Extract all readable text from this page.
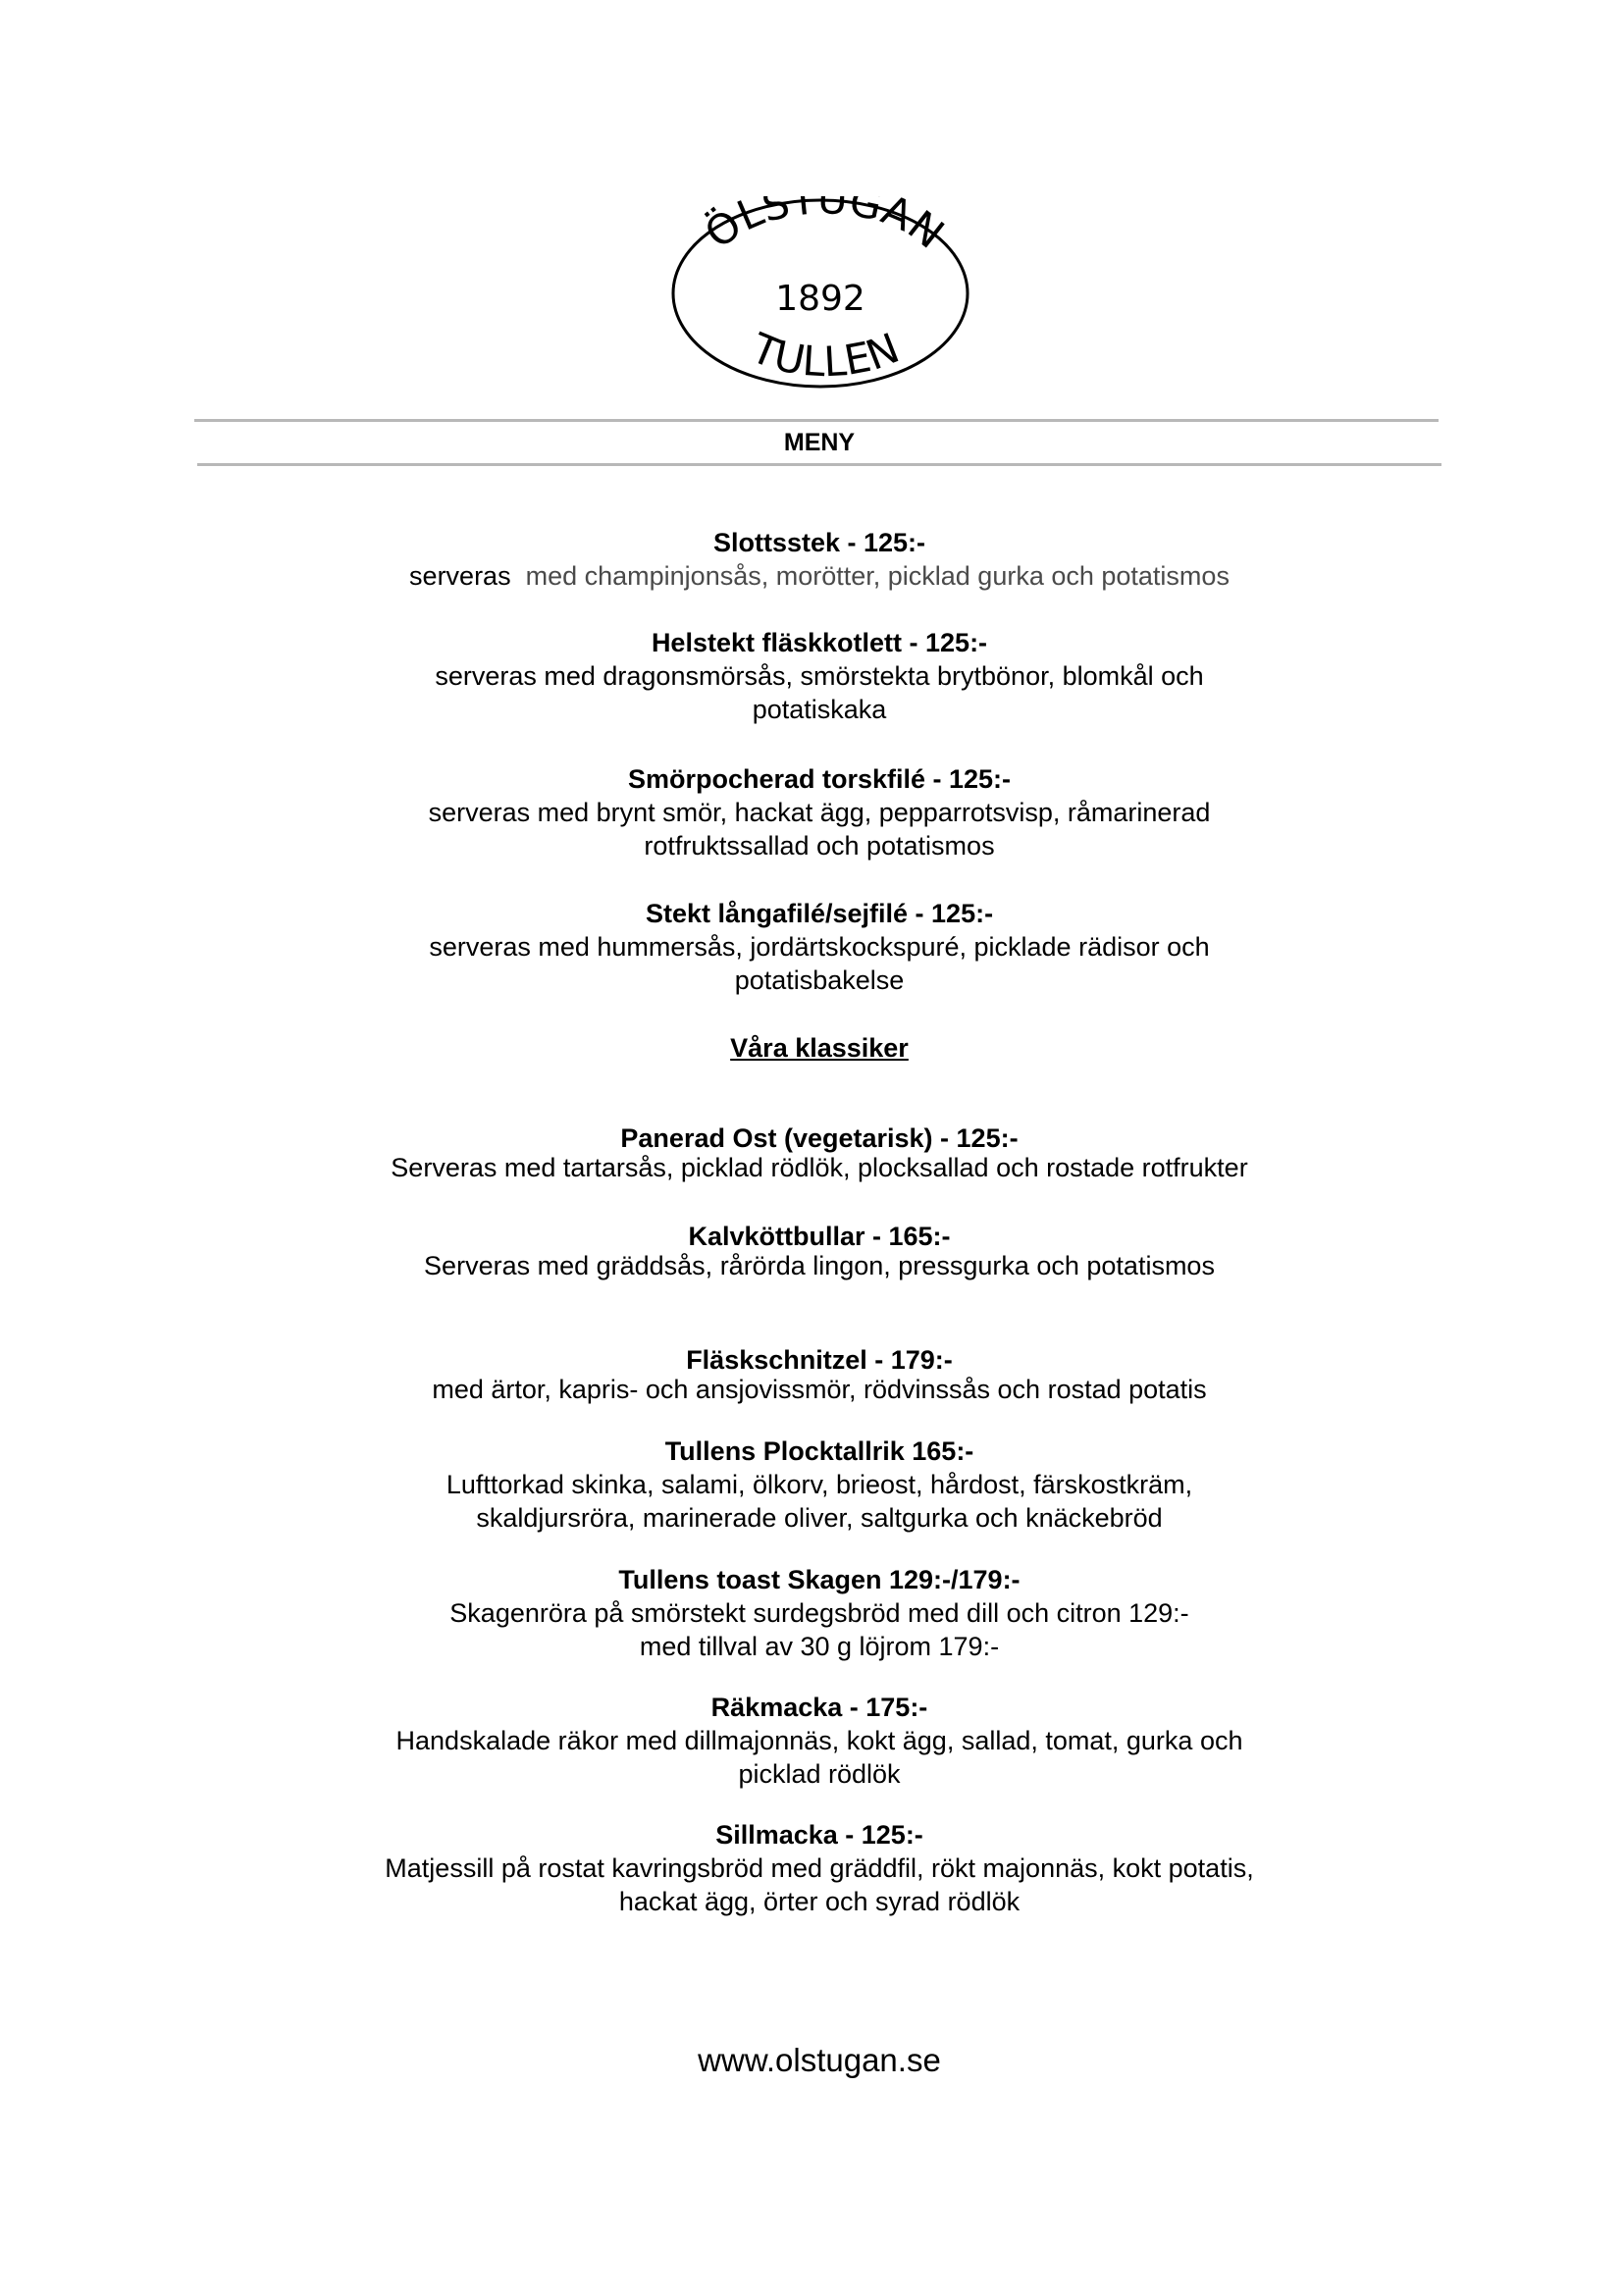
ÖLSTUGAN
1892
TULLEN
MENY
Slottsstek - 125:-
serveras med champinjonsås, morötter, picklad gurka och potatismos
Helstekt fläskkotlett - 125:-
serveras med dragonsmörsås, smörstekta brytbönor, blomkål och
potatiskaka
Smörpocherad torskfilé - 125:-
serveras med brynt smör, hackat ägg, pepparrotsvisp, råmarinerad
rotfruktssallad och potatismos
Stekt långafilé/sejfilé - 125:-
serveras med hummersås, jordärtskockspuré, picklade rädisor och
potatisbakelse
Våra klassiker
Panerad Ost (vegetarisk) - 125:-
Serveras med tartarsås, picklad rödlök, plocksallad och rostade rotfrukter
Kalvköttbullar - 165:-
Serveras med gräddsås, rårörda lingon, pressgurka och potatismos
Fläskschnitzel - 179:-
med ärtor, kapris- och ansjovissmör, rödvinssås och rostad potatis
Tullens Plocktallrik 165:-
Lufttorkad skinka, salami, ölkorv, brieost, hårdost, färskostkräm,
skaldjursröra, marinerade oliver, saltgurka och knäckebröd
Tullens toast Skagen 129:-/179:-
Skagenröra på smörstekt surdegsbröd med dill och citron 129:-
med tillval av 30 g löjrom 179:-
Räkmacka - 175:-
Handskalade räkor med dillmajonnäs, kokt ägg, sallad, tomat, gurka och
picklad rödlök
Sillmacka - 125:-
Matjessill på rostat kavringsbröd med gräddfil, rökt majonnäs, kokt potatis,
hackat ägg, örter och syrad rödlök
www.olstugan.se
